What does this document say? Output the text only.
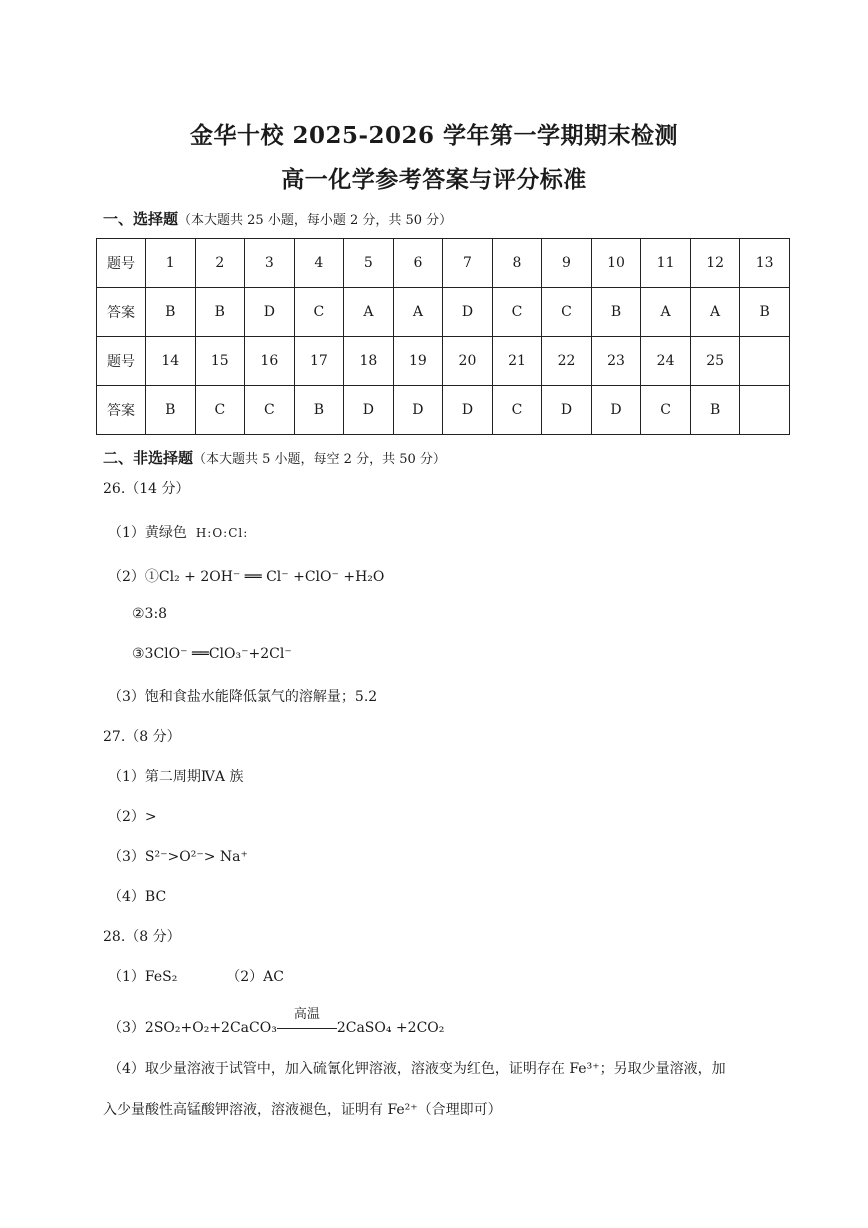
金华十校 2025-2026 学年第一学期期末检测
高一化学参考答案与评分标准
一、选择题（本大题共 25 小题，每小题 2 分，共 50 分）
题号	1	2	3	4	5	6	7	8	9	10	11	12	13
答案	B	B	D	C	A	A	D	C	C	B	A	A	B
题号	14	15	16	17	18	19	20	21	22	23	24	25	
答案	B	C	C	B	D	D	D	C	D	D	C	B	
二、非选择题（本大题共 5 小题，每空 2 分，共 50 分）
26.（14 分）
（1）黄绿色 H:O:Cl:
（2）①Cl₂ + 2OH⁻ ══ Cl⁻ +ClO⁻ +H₂O
②3:8
③3ClO⁻ ══ClO₃⁻+2Cl⁻
（3）饱和食盐水能降低氯气的溶解量；5.2
27.（8 分）
（1）第二周期ⅣA 族
（2）>
（3）S²⁻>O²⁻> Na⁺
（4）BC
28.（8 分）
（1）FeS₂	（2）AC
（3）2SO₂+O₂+2CaCO₃
高温
2CaSO₄ +2CO₂
（4）取少量溶液于试管中，加入硫氰化钾溶液，溶液变为红色，证明存在 Fe³⁺；另取少量溶液，加
入少量酸性高锰酸钾溶液，溶液褪色，证明有 Fe²⁺（合理即可）
